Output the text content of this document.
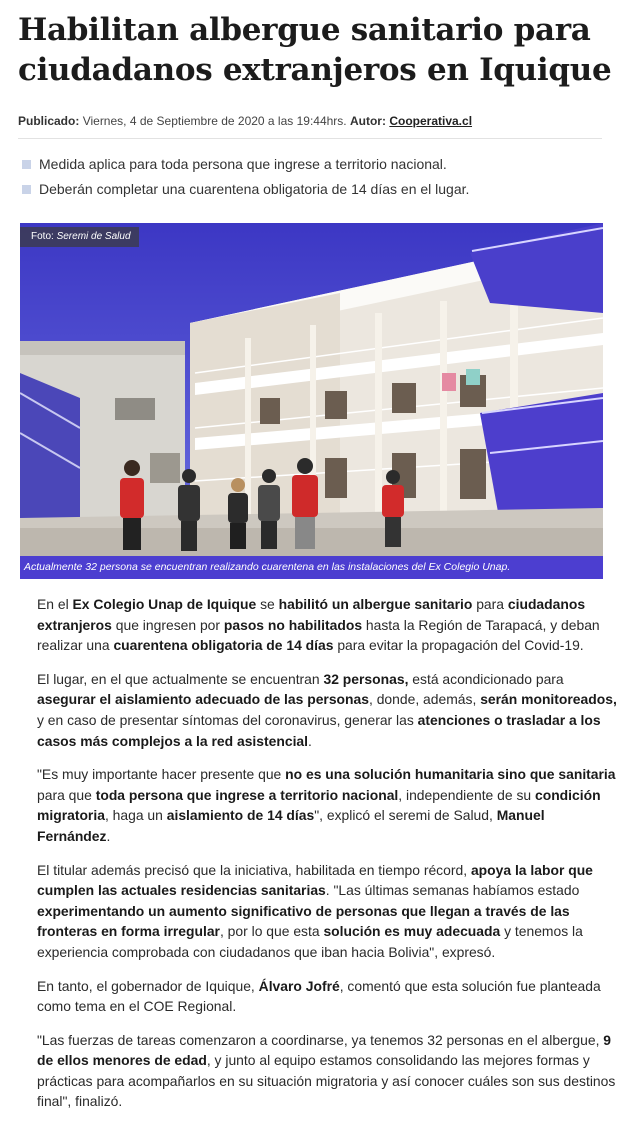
Habilitan albergue sanitario para
ciudadanos extranjeros en Iquique
Publicado: Viernes, 4 de Septiembre de 2020 a las 19:44hrs. Autor: Cooperativa.cl
Medida aplica para toda persona que ingrese a territorio nacional.
Deberán completar una cuarentena obligatoria de 14 días en el lugar.
Foto: Seremi de Salud
Actualmente 32 persona se encuentran realizando cuarentena en las instalaciones del Ex Colegio Unap.

En el Ex Colegio Unap de Iquique se habilitó un albergue sanitario para ciudadanos extranjeros que ingresen por pasos no habilitados hasta la Región de Tarapacá, y deban realizar una cuarentena obligatoria de 14 días para evitar la propagación del Covid-19.

El lugar, en el que actualmente se encuentran 32 personas, está acondicionado para asegurar el aislamiento adecuado de las personas, donde, además, serán monitoreados, y en caso de presentar síntomas del coronavirus, generar las atenciones o trasladar a los casos más complejos a la red asistencial.

"Es muy importante hacer presente que no es una solución humanitaria sino que sanitaria para que toda persona que ingrese a territorio nacional, independiente de su condición migratoria, haga un aislamiento de 14 días", explicó el seremi de Salud, Manuel Fernández.

El titular además precisó que la iniciativa, habilitada en tiempo récord, apoya la labor que cumplen las actuales residencias sanitarias. "Las últimas semanas habíamos estado experimentando un aumento significativo de personas que llegan a través de las fronteras en forma irregular, por lo que esta solución es muy adecuada y tenemos la experiencia comprobada con ciudadanos que iban hacia Bolivia", expresó.

En tanto, el gobernador de Iquique, Álvaro Jofré, comentó que esta solución fue planteada como tema en el COE Regional.

"Las fuerzas de tareas comenzaron a coordinarse, ya tenemos 32 personas en el albergue, 9 de ellos menores de edad, y junto al equipo estamos consolidando las mejores formas y prácticas para acompañarlos en su situación migratoria y así conocer cuáles son sus destinos final", finalizó.
